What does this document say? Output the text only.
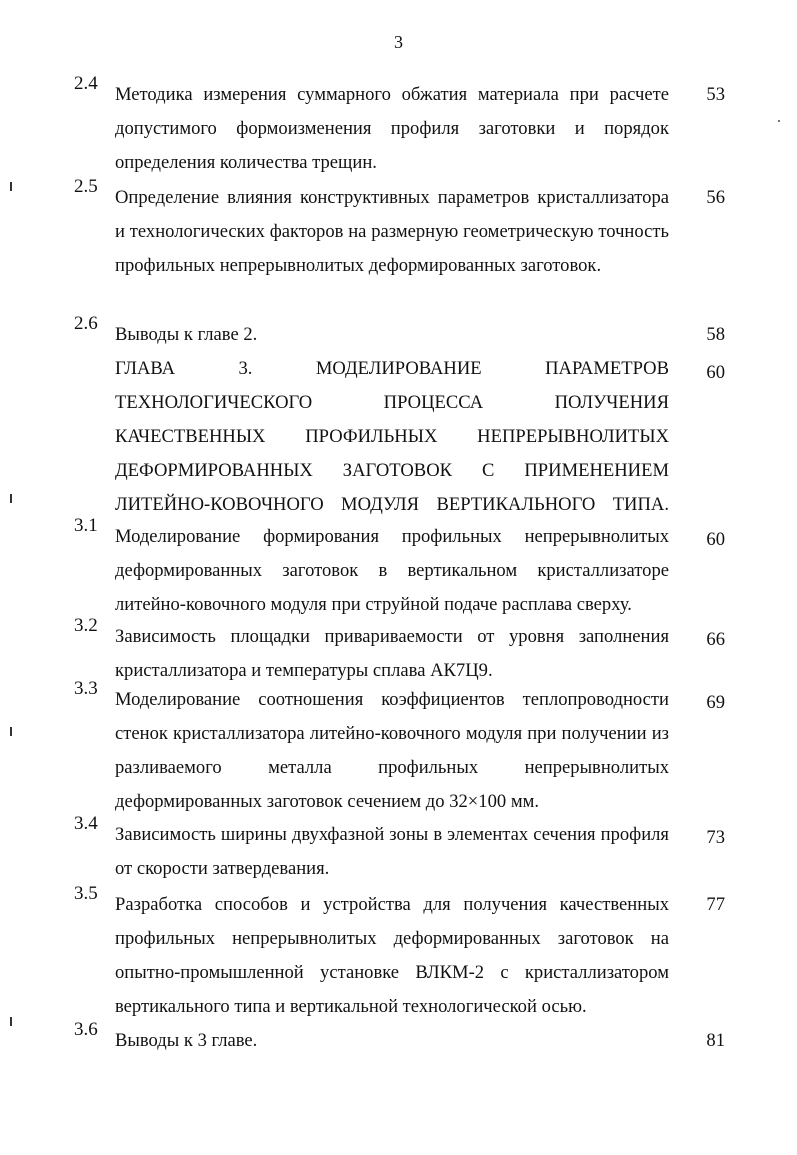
3
2.4
Методика измерения суммарного обжатия материала при расчете допустимого формоизменения профиля заготовки и порядок определения количества трещин.
53
2.5
Определение влияния конструктивных параметров кристаллизатора и технологических факторов на размерную геометрическую точность профильных непрерывнолитых деформированных заготовок.
56
2.6
Выводы к главе 2.	58
ГЛАВА 3. МОДЕЛИРОВАНИЕ ПАРАМЕТРОВ ТЕХНОЛОГИЧЕСКОГО ПРОЦЕССА ПОЛУЧЕНИЯ КАЧЕСТВЕННЫХ ПРОФИЛЬНЫХ НЕПРЕРЫВНОЛИТЫХ ДЕФОРМИРОВАННЫХ ЗАГОТОВОК С ПРИМЕНЕНИЕМ ЛИТЕЙНО-КОВОЧНОГО МОДУЛЯ ВЕРТИКАЛЬНОГО ТИПА.
60
3.1
Моделирование формирования профильных непрерывнолитых деформированных заготовок в вертикальном кристаллизаторе литейно-ковочного модуля при струйной подаче расплава сверху.
60
3.2
Зависимость площадки привариваемости от уровня заполнения кристаллизатора и температуры сплава АК7Ц9.
66
3.3
Моделирование соотношения коэффициентов теплопроводности стенок кристаллизатора литейно-ковочного модуля при получении из разливаемого металла профильных непрерывнолитых деформированных заготовок сечением до 32×100 мм.
69
3.4
Зависимость ширины двухфазной зоны в элементах сечения профиля от скорости затвердевания.
73
3.5
Разработка способов и устройства для получения качественных профильных непрерывнолитых деформированных заготовок на опытно-промышленной установке ВЛКМ-2 с кристаллизатором вертикального типа и вертикальной технологической осью.
77
3.6
Выводы к 3 главе.	81
